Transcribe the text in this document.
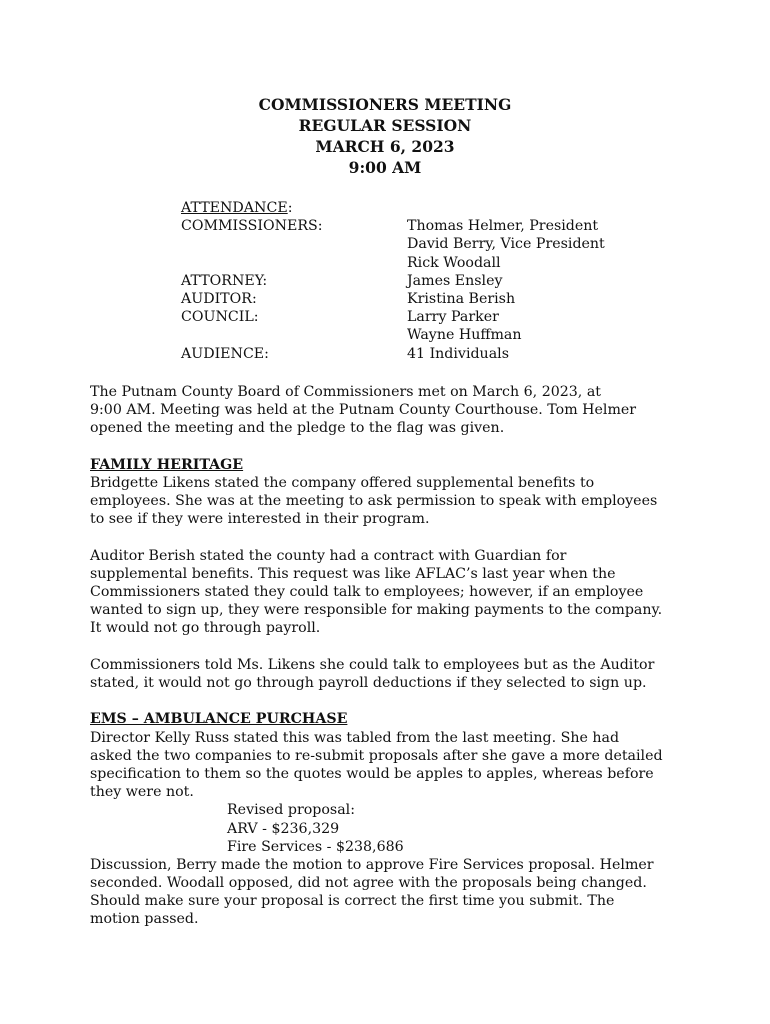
COMMISSIONERS MEETING
REGULAR SESSION
MARCH 6, 2023
9:00 AM
ATTENDANCE:
COMMISSIONERS:	Thomas Helmer, President
David Berry, Vice President
Rick Woodall
ATTORNEY:	James Ensley
AUDITOR:	Kristina Berish
COUNCIL:	Larry Parker
Wayne Huffman
AUDIENCE:	41 Individuals
The Putnam County Board of Commissioners met on March 6, 2023, at
9:00 AM. Meeting was held at the Putnam County Courthouse. Tom Helmer
opened the meeting and the pledge to the flag was given.
FAMILY HERITAGE
Bridgette Likens stated the company offered supplemental benefits to
employees. She was at the meeting to ask permission to speak with employees
to see if they were interested in their program.
Auditor Berish stated the county had a contract with Guardian for
supplemental benefits. This request was like AFLAC’s last year when the
Commissioners stated they could talk to employees; however, if an employee
wanted to sign up, they were responsible for making payments to the company.
It would not go through payroll.
Commissioners told Ms. Likens she could talk to employees but as the Auditor
stated, it would not go through payroll deductions if they selected to sign up.
EMS – AMBULANCE PURCHASE
Director Kelly Russ stated this was tabled from the last meeting. She had
asked the two companies to re-submit proposals after she gave a more detailed
specification to them so the quotes would be apples to apples, whereas before
they were not.
Revised proposal:
ARV - $236,329
Fire Services - $238,686
Discussion, Berry made the motion to approve Fire Services proposal. Helmer
seconded. Woodall opposed, did not agree with the proposals being changed.
Should make sure your proposal is correct the first time you submit. The
motion passed.
